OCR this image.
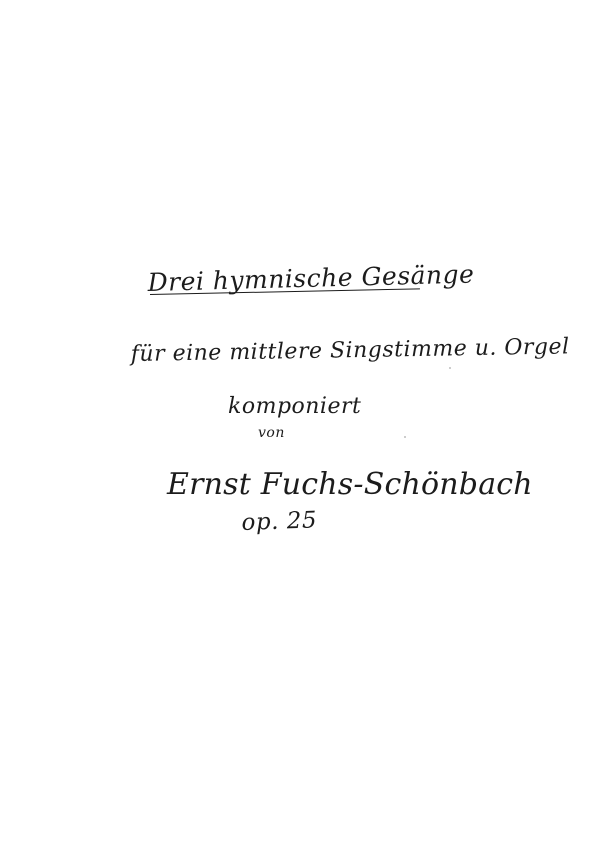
Drei hymnische Gesänge
für eine mittlere Singstimme u. Orgel
komponiert
von
Ernst Fuchs-Schönbach
op. 25
